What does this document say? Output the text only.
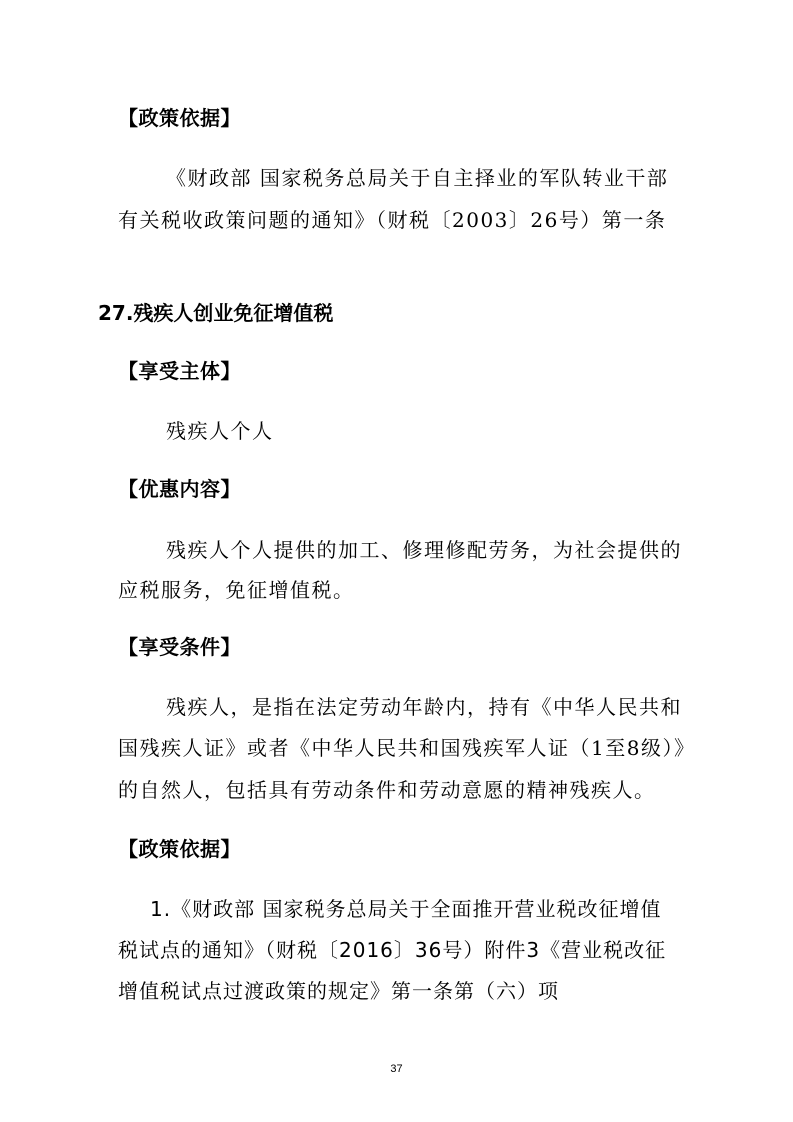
【政策依据】
《财政部 国家税务总局关于自主择业的军队转业干部
有关税收政策问题的通知》（财税〔2003〕26号）第一条
27.残疾人创业免征增值税
【享受主体】
残疾人个人
【优惠内容】
残疾人个人提供的加工、修理修配劳务，为社会提供的
应税服务，免征增值税。
【享受条件】
残疾人，是指在法定劳动年龄内，持有《中华人民共和
国残疾人证》或者《中华人民共和国残疾军人证（1至8级）》
的自然人，包括具有劳动条件和劳动意愿的精神残疾人。
【政策依据】
1.《财政部 国家税务总局关于全面推开营业税改征增值
税试点的通知》（财税〔2016〕36号）附件3《营业税改征
增值税试点过渡政策的规定》第一条第（六）项
37
